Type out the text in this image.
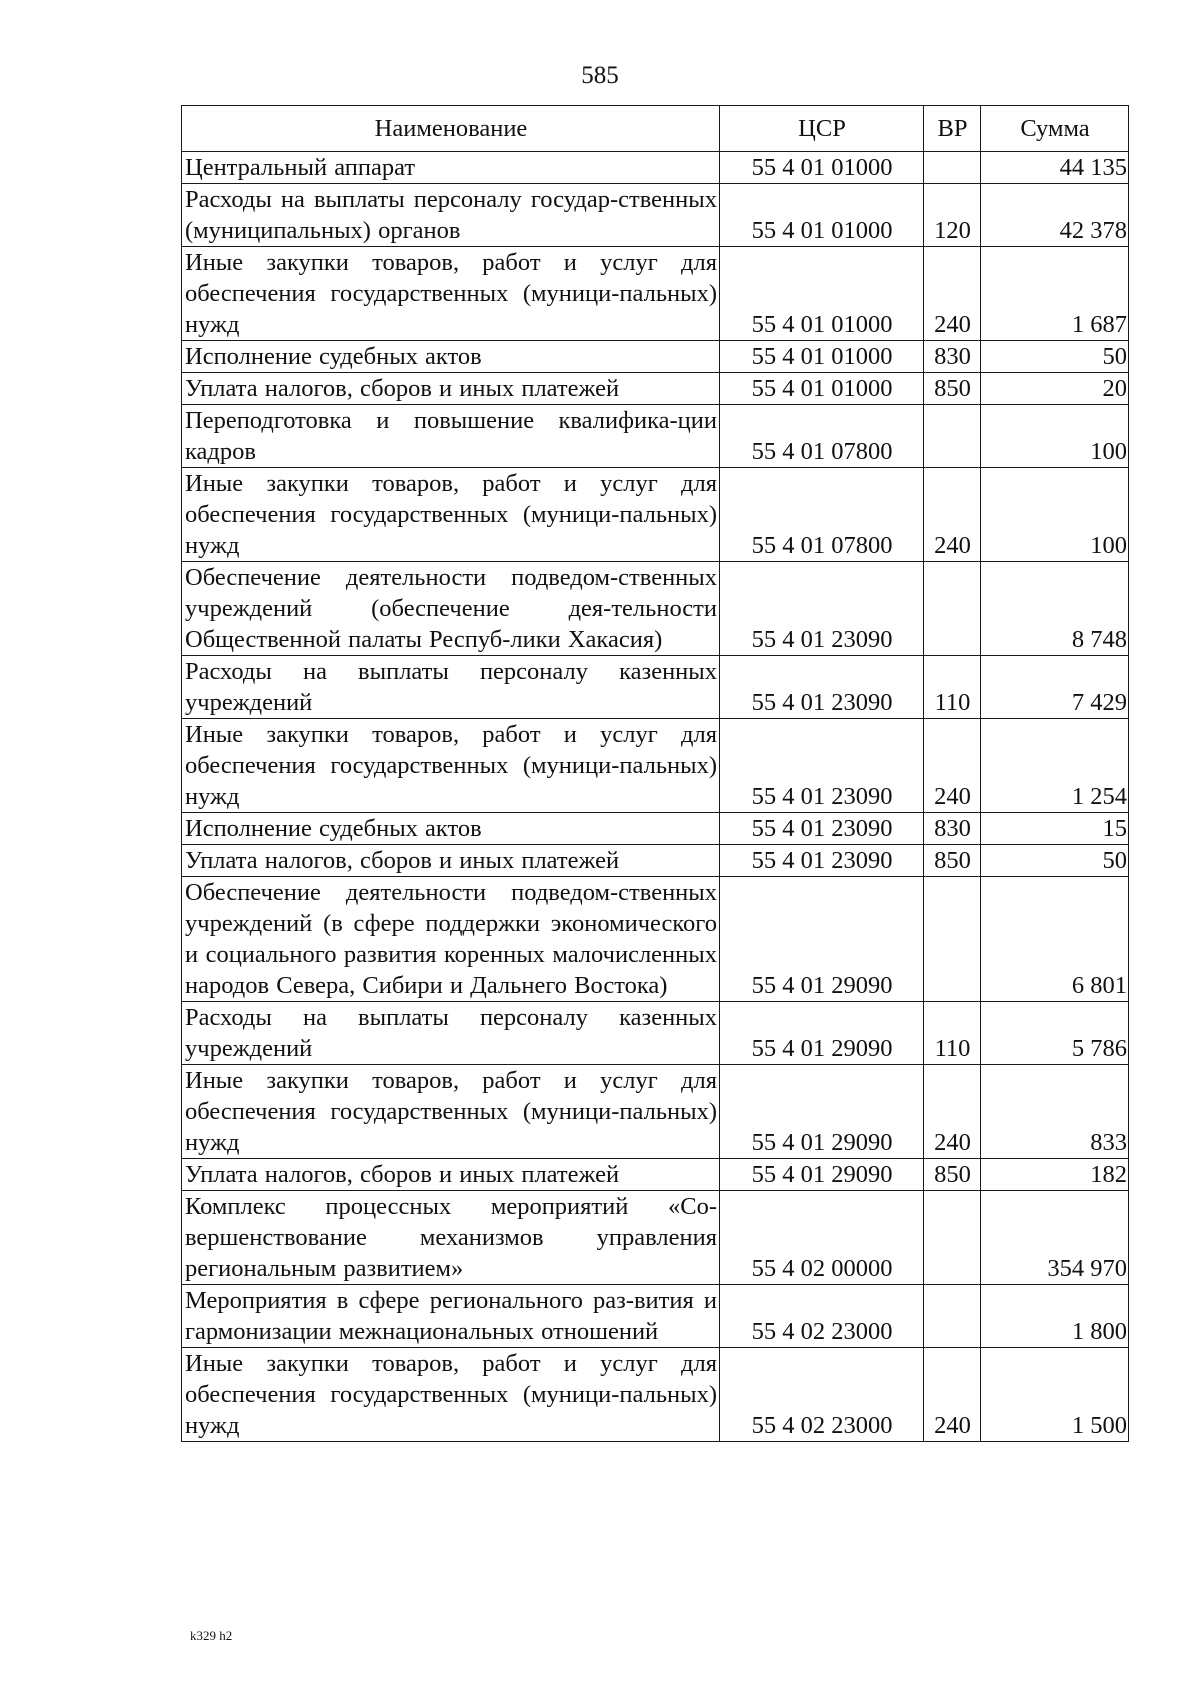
585
Наименование	ЦСР	ВР	Сумма
Центральный аппарат	55 4 01 01000		44 135
Расходы на выплаты персоналу государ-ственных (муниципальных) органов	55 4 01 01000	120	42 378
Иные закупки товаров, работ и услуг для обеспечения государственных (муници-пальных) нужд	55 4 01 01000	240	1 687
Исполнение судебных актов	55 4 01 01000	830	50
Уплата налогов, сборов и иных платежей	55 4 01 01000	850	20
Переподготовка и повышение квалифика-ции кадров	55 4 01 07800		100
Иные закупки товаров, работ и услуг для обеспечения государственных (муници-пальных) нужд	55 4 01 07800	240	100
Обеспечение деятельности подведом-ственных учреждений (обеспечение дея-тельности Общественной палаты Респуб-лики Хакасия)	55 4 01 23090		8 748
Расходы на выплаты персоналу казенных учреждений	55 4 01 23090	110	7 429
Иные закупки товаров, работ и услуг для обеспечения государственных (муници-пальных) нужд	55 4 01 23090	240	1 254
Исполнение судебных актов	55 4 01 23090	830	15
Уплата налогов, сборов и иных платежей	55 4 01 23090	850	50
Обеспечение деятельности подведом-ственных учреждений (в сфере поддержки экономического и социального развития коренных малочисленных народов Севера, Сибири и Дальнего Востока)	55 4 01 29090		6 801
Расходы на выплаты персоналу казенных учреждений	55 4 01 29090	110	5 786
Иные закупки товаров, работ и услуг для обеспечения государственных (муници-пальных) нужд	55 4 01 29090	240	833
Уплата налогов, сборов и иных платежей	55 4 01 29090	850	182
Комплекс процессных мероприятий «Со-вершенствование механизмов управления региональным развитием»	55 4 02 00000		354 970
Мероприятия в сфере регионального раз-вития и гармонизации межнациональных отношений	55 4 02 23000		1 800
Иные закупки товаров, работ и услуг для обеспечения государственных (муници-пальных) нужд	55 4 02 23000	240	1 500
k329 h2
